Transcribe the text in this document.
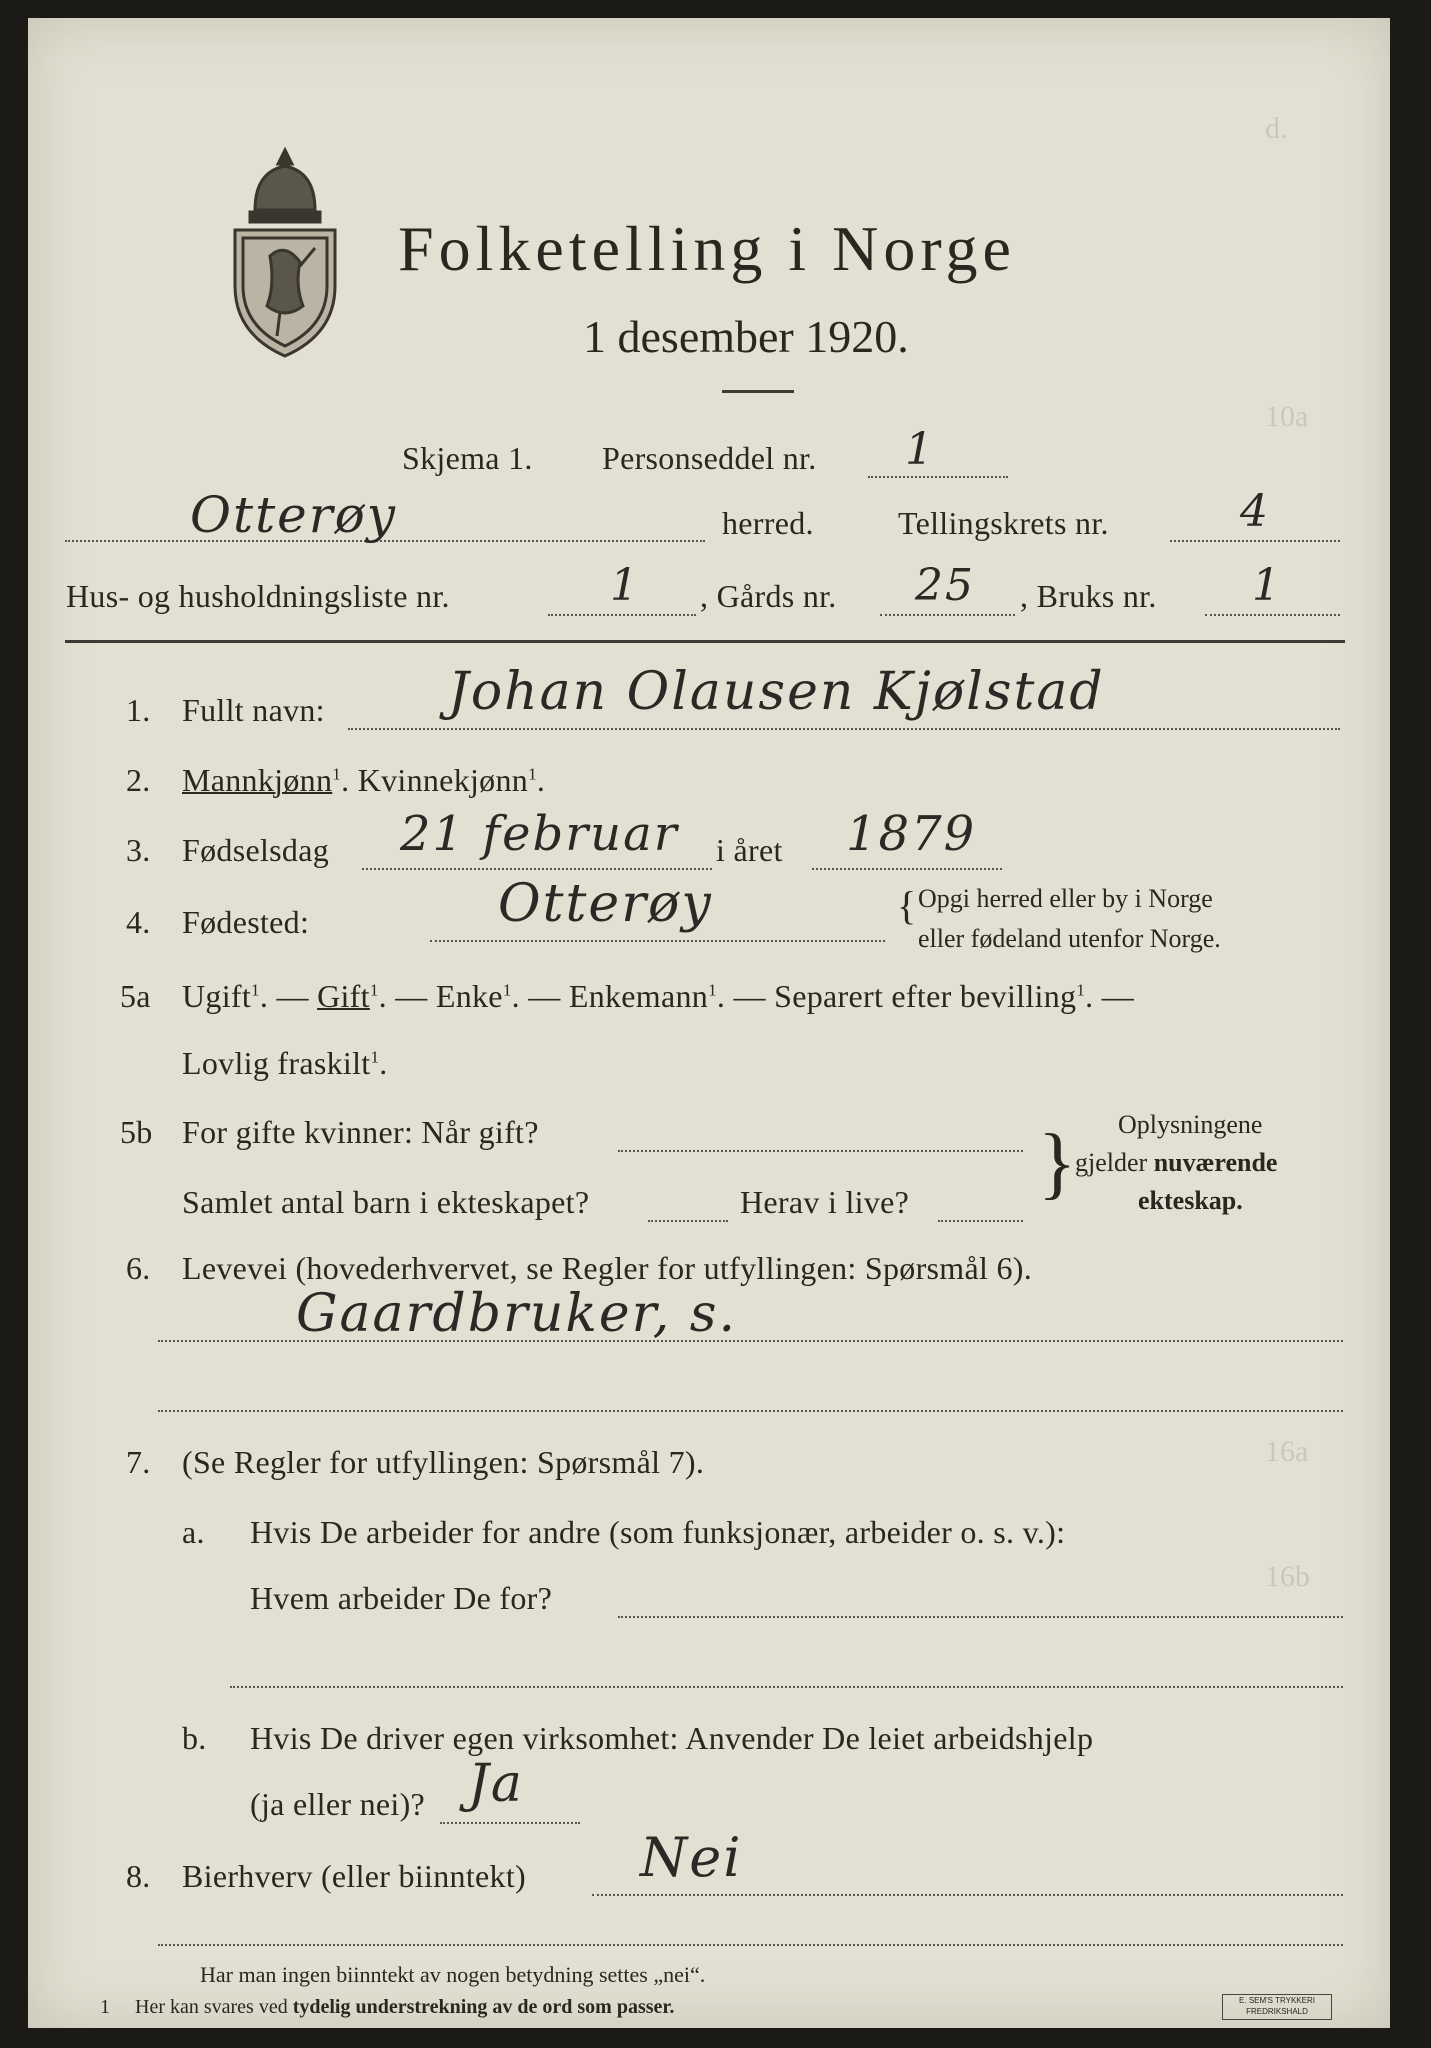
d.
10a
16a
16b
Folketelling i Norge
1 desember 1920.
Skjema 1. Personseddel nr. 1
Otterøy	herred.	Tellingskrets nr.	4
Hus- og husholdningsliste nr.	1 , Gårds nr. 25 , Bruks nr. 1
1. Fullt navn: Johan Olausen Kjølstad
2. Mannkjønn$^1$. Kvinnekjønn$^1$.
3. Fødselsdag 21 februar i året 1879
4. Fødested:	Otterøy	{ Opgi herred eller by i Norge
eller fødeland utenfor Norge.
5a Ugift$^1$. — Gift$^1$. — Enke$^1$. — Enkemann$^1$. — Separert efter bevilling$^1$. —
Lovlig fraskilt$^1$.
5b For gifte kvinner: Når gift?
Samlet antal barn i ekteskapet?	Herav i live? } Oplysningene
gjelder nuværende
ekteskap.
6. Levevei (hovederhvervet, se Regler for utfyllingen: Spørsmål 6).
Gaardbruker, s.
7. (Se Regler for utfyllingen: Spørsmål 7).
a. Hvis De arbeider for andre (som funksjonær, arbeider o. s. v.):
Hvem arbeider De for?
b. Hvis De driver egen virksomhet: Anvender De leiet arbeidshjelp
(ja eller nei)? Ja
8. Bierhverv (eller biinntekt) Nei
Har man ingen biinntekt av nogen betydning settes „nei“.
1 Her kan svares ved tydelig understrekning av de ord som passer.	E. SEM'S TRYKKERI
FREDRIKSHALD
